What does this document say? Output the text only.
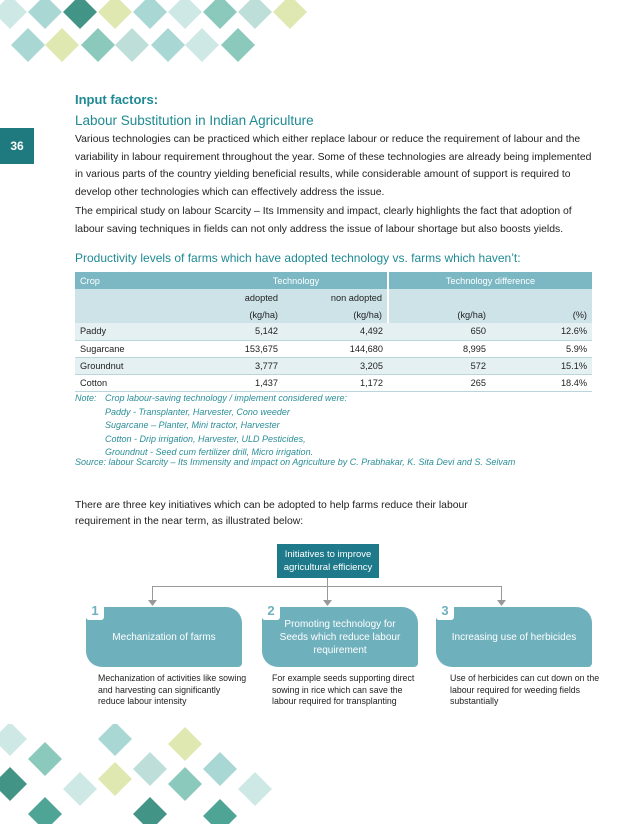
36
Input factors:
Labour Substitution in Indian Agriculture

Various technologies can be practiced which either replace labour or reduce the requirement of labour and the variability in labour requirement throughout the year. Some of these technologies are already being implemented in various parts of the country yielding beneficial results, while considerable amount of support is required to develop other technologies which can effectively address the issue.

The empirical study on labour Scarcity – Its Immensity and impact, clearly highlights the fact that adoption of labour saving techniques in fields can not only address the issue of labour shortage but also boosts yields.

Productivity levels of farms which have adopted technology vs. farms which haven’t:
Crop	Technology		Technology difference	
	adopted	non adopted		
	(kg/ha)	(kg/ha)	(kg/ha)	(%)
Paddy	5,142	4,492	650	12.6%
Sugarcane	153,675	144,680	8,995	5.9%
Groundnut	3,777	3,205	572	15.1%
Cotton	1,437	1,172	265	18.4%
Note: Crop labour-saving technology / implement considered were:
Paddy - Transplanter, Harvester, Cono weeder
Sugarcane – Planter, Mini tractor, Harvester
Cotton - Drip irrigation, Harvester, ULD Pesticides,
Groundnut - Seed cum fertilizer drill, Micro irrigation.
Source: labour Scarcity – Its Immensity and impact on Agriculture by C. Prabhakar, K. Sita Devi and S. Selvam

There are three key initiatives which can be adopted to help farms reduce their labour requirement in the near term, as illustrated below:

Initiatives to improve agricultural efficiency
Mechanization of farms
1
Mechanization of activities like sowing and harvesting can significantly reduce labour intensity
Promoting technology for Seeds which reduce labour requirement
2
For example seeds supporting direct sowing in rice which can save the labour required for transplanting
Increasing use of herbicides
3
Use of herbicides can cut down on the labour required for weeding fields substantially
